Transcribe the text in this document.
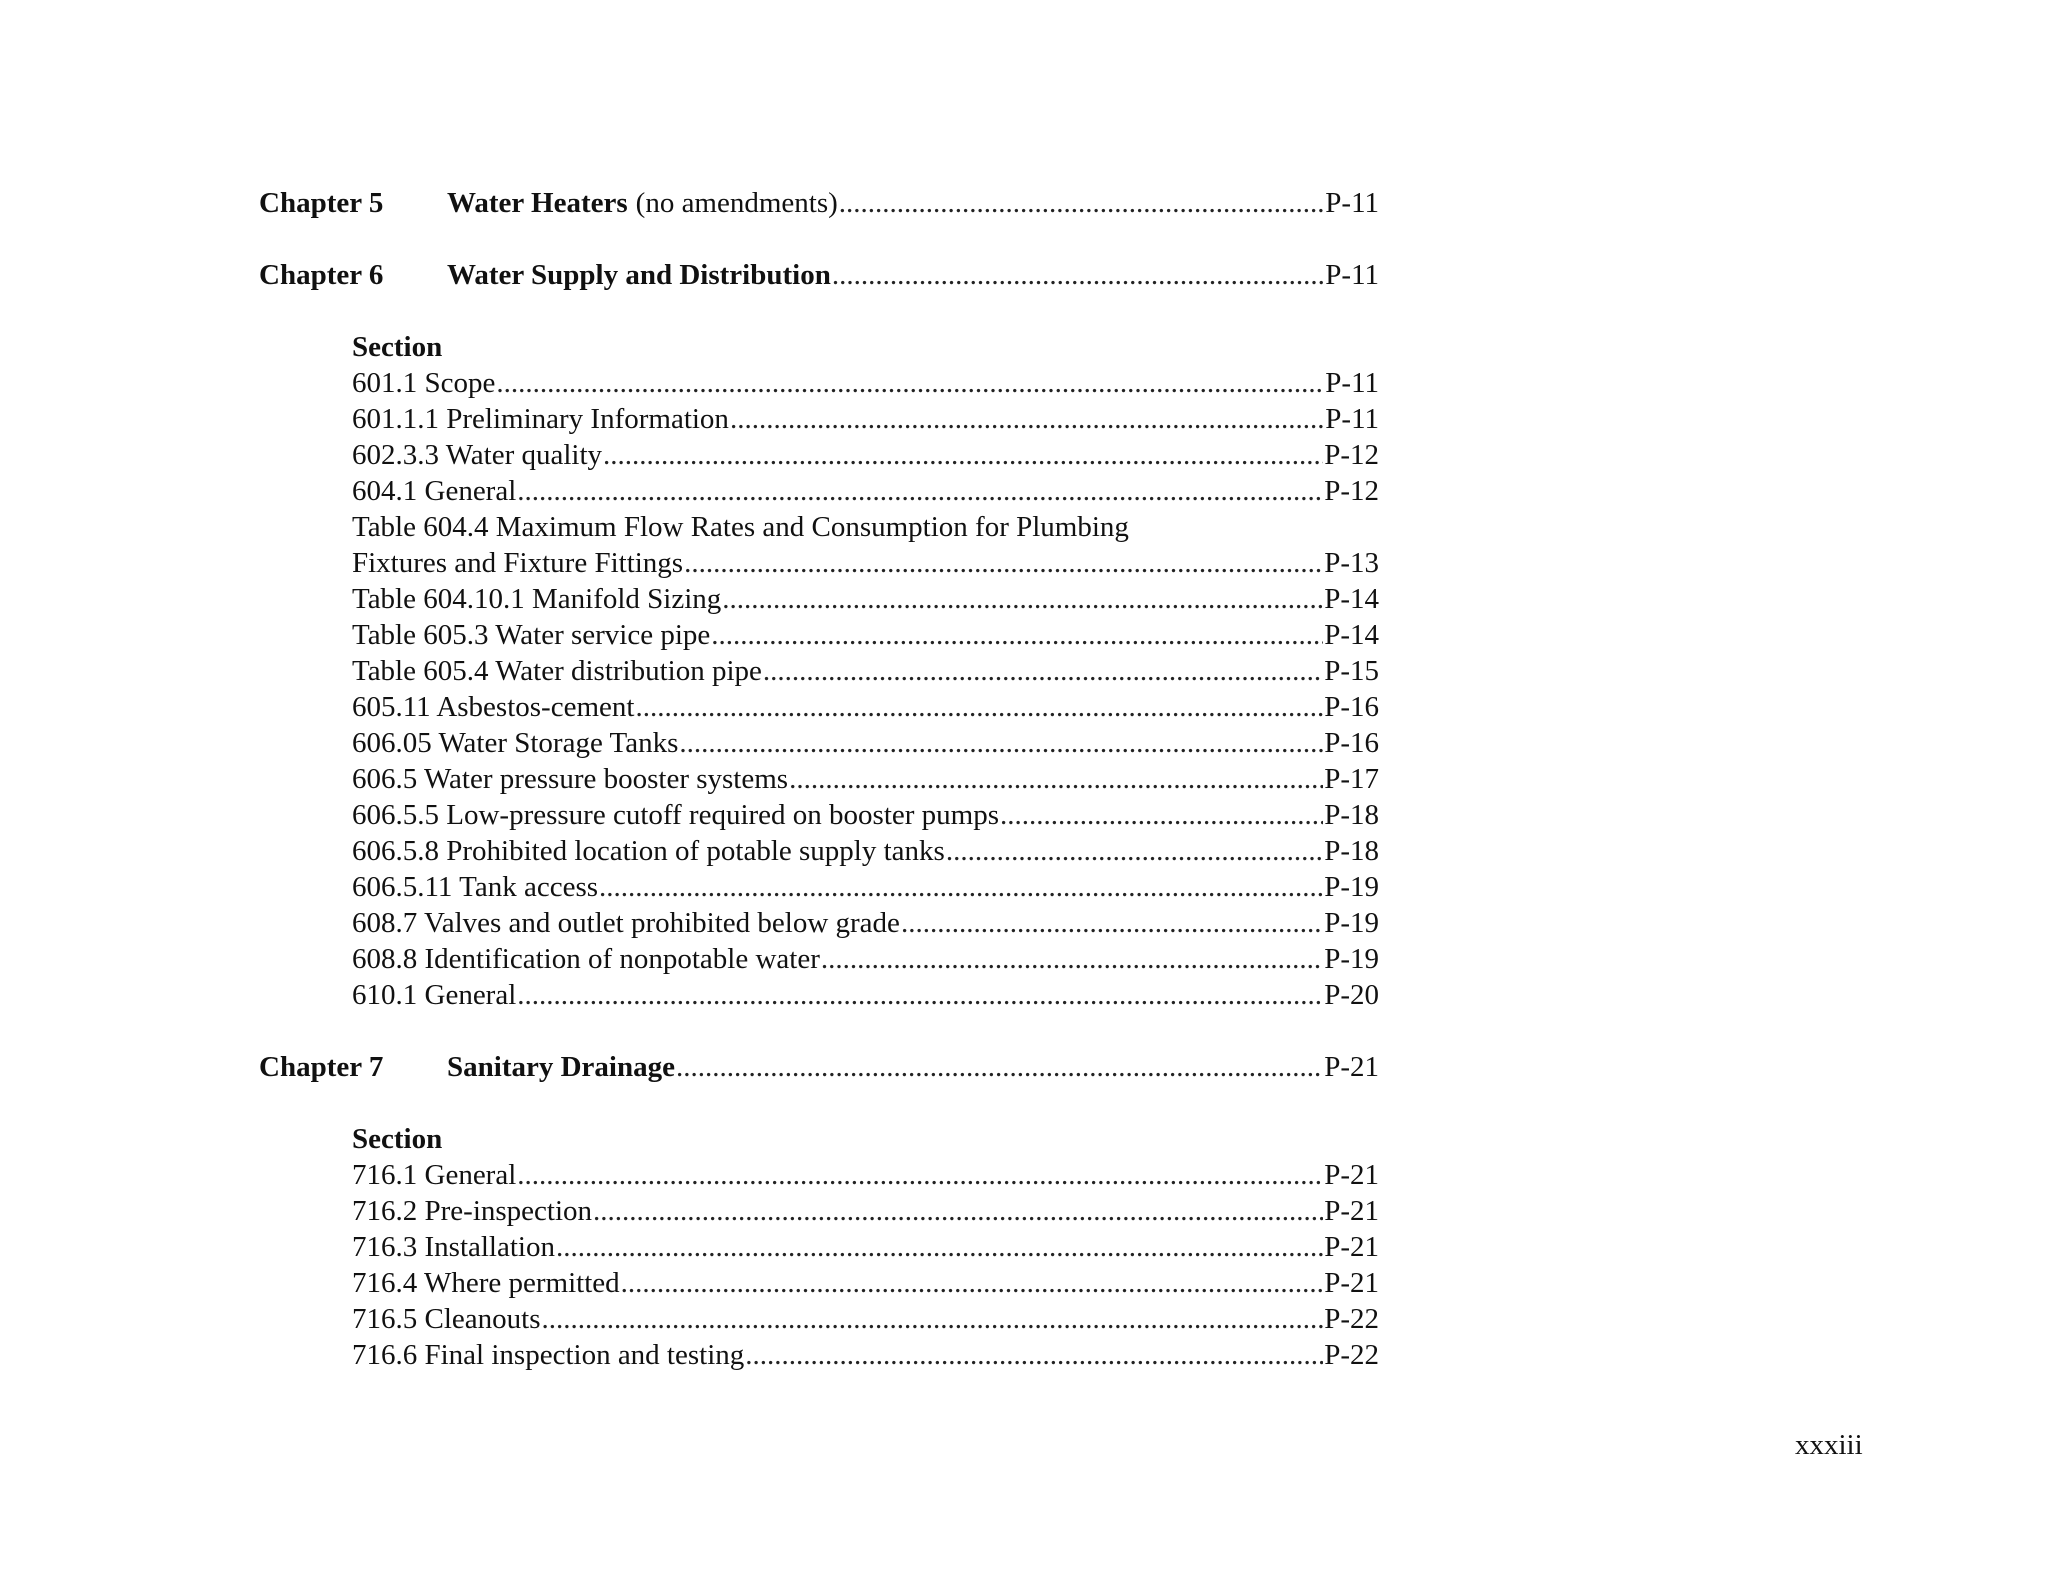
Chapter 5	Water Heaters (no amendments) .....	P-11
Chapter 6	Water Supply and Distribution .....	P-11
Section
601.1 Scope .....	P-11
601.1.1 Preliminary Information .....	P-11
602.3.3 Water quality .....	P-12
604.1 General .....	P-12
Table 604.4 Maximum Flow Rates and Consumption for Plumbing
Fixtures and Fixture Fittings .....	P-13
Table 604.10.1 Manifold Sizing .....	P-14
Table 605.3 Water service pipe .....	P-14
Table 605.4 Water distribution pipe .....	P-15
605.11 Asbestos-cement .....	P-16
606.05 Water Storage Tanks .....	P-16
606.5 Water pressure booster systems .....	P-17
606.5.5 Low-pressure cutoff required on booster pumps .....	P-18
606.5.8 Prohibited location of potable supply tanks .....	P-18
606.5.11 Tank access .....	P-19
608.7 Valves and outlet prohibited below grade .....	P-19
608.8 Identification of nonpotable water .....	P-19
610.1 General .....	P-20
Chapter 7	Sanitary Drainage .....	P-21
Section
716.1 General .....	P-21
716.2 Pre-inspection .....	P-21
716.3 Installation .....	P-21
716.4 Where permitted .....	P-21
716.5 Cleanouts .....	P-22
716.6 Final inspection and testing .....	P-22
xxxiii
